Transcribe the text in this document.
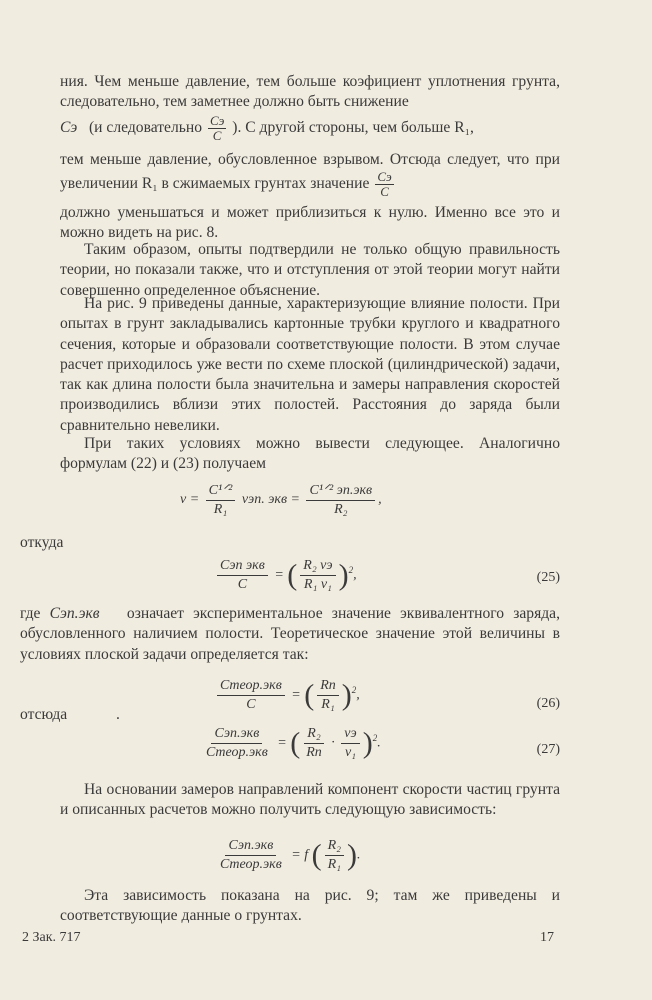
ния. Чем меньше давление, тем больше коэфициент уплотнения грунта, следовательно, тем заметнее должно быть снижение

Cэ (и следовательно $\frac{Cэ}{C}$ ). С другой стороны, чем больше R₁,

тем меньше давление, обусловленное взрывом. Отсюда следует, что при увеличении R₁ в сжимаемых грунтах значение $\frac{Cэ}{C}$

должно уменьшаться и может приблизиться к нулю. Именно все это и можно видеть на рис. 8.

Таким образом, опыты подтвердили не только общую правильность теории, но показали также, что и отступления от этой теории могут найти совершенно определенное объяснение.

На рис. 9 приведены данные, характеризующие влияние полости. При опытах в грунт закладывались картонные трубки круглого и квадратного сечения, которые и образовали соответствующие полости. В этом случае расчет приходилось уже вести по схеме плоской (цилиндрической) задачи, так как длина полости была значительна и замеры направления скоростей производились вблизи этих полостей. Расстояния до заряда были сравнительно невелики.

При таких условиях можно вывести следующее. Аналогично формулам (22) и (23) получаем

$v = \frac{\text{C¹ᐟ²}}{\text{R₁}}$ vэп. экв = $\frac{\text{C¹ᐟ² эп.экв}}{\text{R₂}}$ ,
откуда
$\frac{\text{Cэп экв}}{C}$ = ( $\frac{\text{R₂ vэ}}{\text{R₁ v₁}} )^2$,	(25)

где Cэп.экв означает экспериментальное значение эквивалентного заряда, обусловленного наличием полости. Теоретическое значение этой величины в условиях плоской задачи определяется так:

$\frac{\text{Cтеор.экв}}{C}$ = ( $\frac{Rп}{\text{R₁}} )^2$,
(26)
отсюда	.
$\frac{\text{Cэп.экв}}{\text{Cтеор.экв}}$ = ( $\frac{\text{R₂}}{Rп} \cdot \frac{vэ}{\text{v₁}} )^2$.	(27)

На основании замеров направлений компонент скорости частиц грунта и описанных расчетов можно получить следующую зависимость:

$\frac{\text{Cэп.экв}}{\text{Cтеор.экв}} = f$ ( $\frac{\text{R₂}}{\text{R₁}}$ ).

Эта зависимость показана на рис. 9; там же приведены и соответствующие данные о грунтах.

2 Зак. 717	17
